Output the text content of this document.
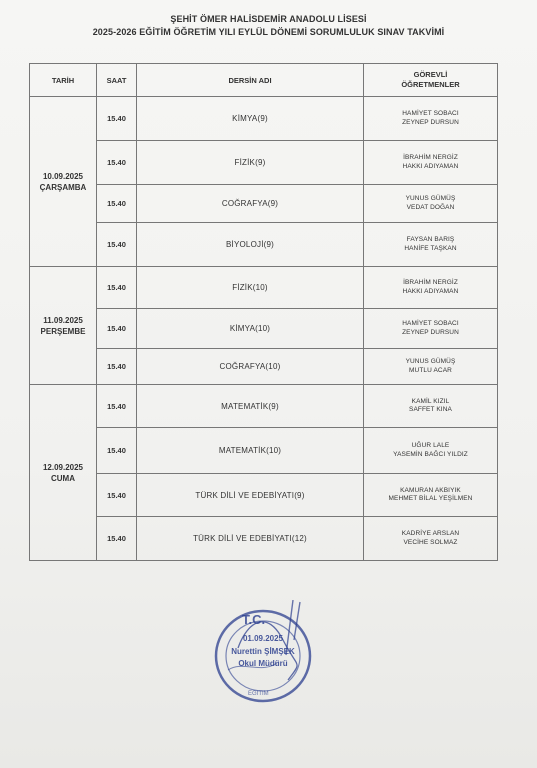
ŞEHİT ÖMER HALİSDEMİR ANADOLU LİSESİ
2025-2026 EĞİTİM ÖĞRETİM YILI EYLÜL DÖNEMİ SORUMLULUK SINAV TAKVİMİ
TARİH	SAAT	DERSİN ADI	GÖREVLİ
ÖĞRETMENLER

10.09.2025
ÇARŞAMBA	15.40	KİMYA(9)	HAMİYET SOBACI
ZEYNEP DURSUN

	15.40	FİZİK(9)	İBRAHİM NERGİZ
HAKKI ADIYAMAN

	15.40	COĞRAFYA(9)	YUNUS GÜMÜŞ
VEDAT DOĞAN

	15.40	BİYOLOJİ(9)	FAYSAN BARIŞ
HANİFE TAŞKAN

11.09.2025
PERŞEMBE	15.40	FİZİK(10)	İBRAHİM NERGİZ
HAKKI ADIYAMAN

	15.40	KİMYA(10)	HAMİYET SOBACI
ZEYNEP DURSUN

	15.40	COĞRAFYA(10)	YUNUS GÜMÜŞ
MUTLU ACAR

12.09.2025
CUMA	15.40	MATEMATİK(9)	KAMİL KIZIL
SAFFET KINA

	15.40	MATEMATİK(10)	UĞUR LALE
YASEMİN BAĞCI YILDIZ

	15.40	TÜRK DİLİ VE EDEBİYATI(9)	KAMURAN AKBIYIK
MEHMET BİLAL YEŞİLMEN

	15.40	TÜRK DİLİ VE EDEBİYATI(12)	KADRİYE ARSLAN
VECİHE SOLMAZ
T.C.
EĞİTİM
01.09.2025
Nurettin ŞİMŞEK
Okul Müdürü
